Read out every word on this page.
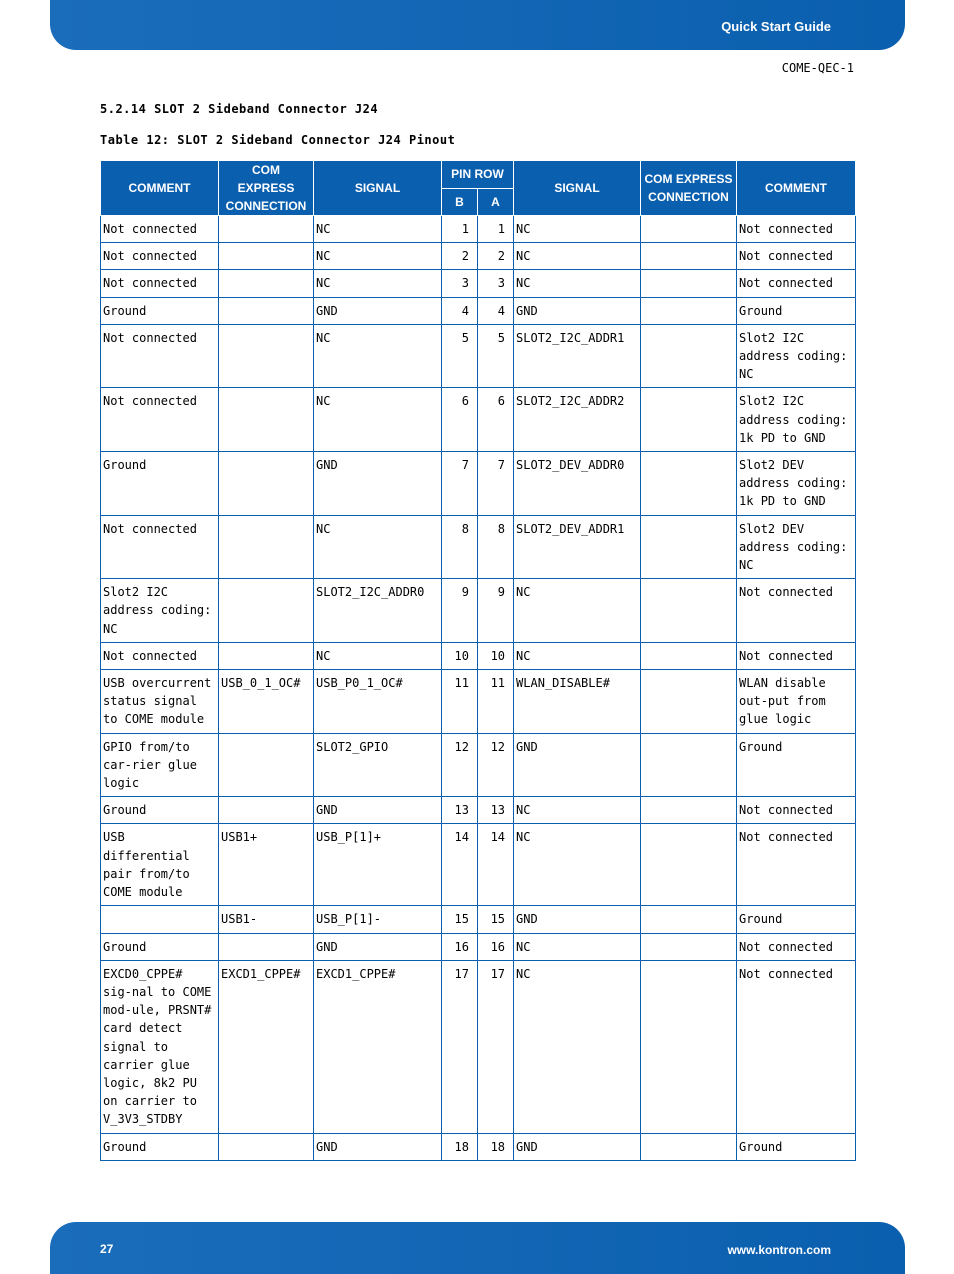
Quick Start Guide
COME-QEC-1
5.2.14 SLOT 2 Sideband Connector J24
Table 12: SLOT 2 Sideband Connector J24 Pinout
COMMENT	COM EXPRESS CONNECTION	SIGNAL	PIN ROW		SIGNAL	COM EXPRESS CONNECTION	COMMENT
			B	A			
Not connected		NC	1	1	NC		Not connected
Not connected		NC	2	2	NC		Not connected
Not connected		NC	3	3	NC		Not connected
Ground		GND	4	4	GND		Ground
Not connected		NC	5	5	SLOT2_I2C_ADDR1		Slot2 I2C address coding: NC
Not connected		NC	6	6	SLOT2_I2C_ADDR2		Slot2 I2C address coding: 1k PD to GND
Ground		GND	7	7	SLOT2_DEV_ADDR0		Slot2 DEV address coding: 1k PD to GND
Not connected		NC	8	8	SLOT2_DEV_ADDR1		Slot2 DEV address coding: NC
Slot2 I2C address coding: NC		SLOT2_I2C_ADDR0	9	9	NC		Not connected
Not connected		NC	10	10	NC		Not connected
USB overcurrent status signal to COME module	USB_0_1_OC#	USB_P0_1_OC#	11	11	WLAN_DISABLE#		WLAN disable out-put from glue logic
GPIO from/to car-rier glue logic		SLOT2_GPIO	12	12	GND		Ground
Ground		GND	13	13	NC		Not connected
USB differential pair from/to COME module	USB1+	USB_P[1]+	14	14	NC		Not connected
	USB1-	USB_P[1]-	15	15	GND		Ground
Ground		GND	16	16	NC		Not connected
EXCD0_CPPE# sig-nal to COME mod-ule, PRSNT# card detect signal to carrier glue logic, 8k2 PU on carrier to V_3V3_STDBY	EXCD1_CPPE#	EXCD1_CPPE#	17	17	NC		Not connected
Ground		GND	18	18	GND		Ground
27	www.kontron.com
